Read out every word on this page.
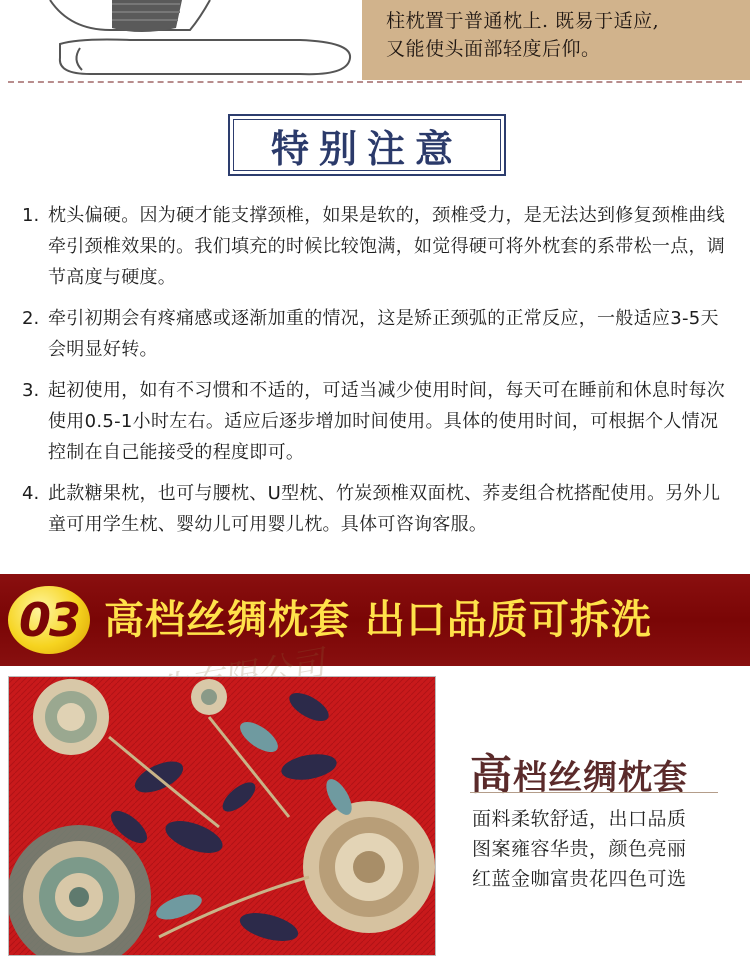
柱枕置于普通枕上. 既易于适应,

又能使头面部轻度后仰。

特别注意
1. 枕头偏硬。因为硬才能支撑颈椎，如果是软的，颈椎受力，是无法达到修复颈椎曲线牵引颈椎效果的。我们填充的时候比较饱满，如觉得硬可将外枕套的系带松一点，调节高度与硬度。
2. 牵引初期会有疼痛感或逐渐加重的情况，这是矫正颈弧的正常反应，一般适应3-5天会明显好转。
3. 起初使用，如有不习惯和不适的，可适当减少使用时间，每天可在睡前和休息时每次使用0.5-1小时左右。适应后逐步增加时间使用。具体的使用时间，可根据个人情况控制在自己能接受的程度即可。
4. 此款糖果枕，也可与腰枕、U型枕、竹炭颈椎双面枕、荞麦组合枕搭配使用。另外儿童可用学生枕、婴幼儿可用婴儿枕。具体可咨询客服。
03 高档丝绸枕套 出口品质可拆洗
高档丝绸枕套
面料柔软舒适，出口品质
图案雍容华贵，颜色亮丽
红蓝金咖富贵花四色可选
